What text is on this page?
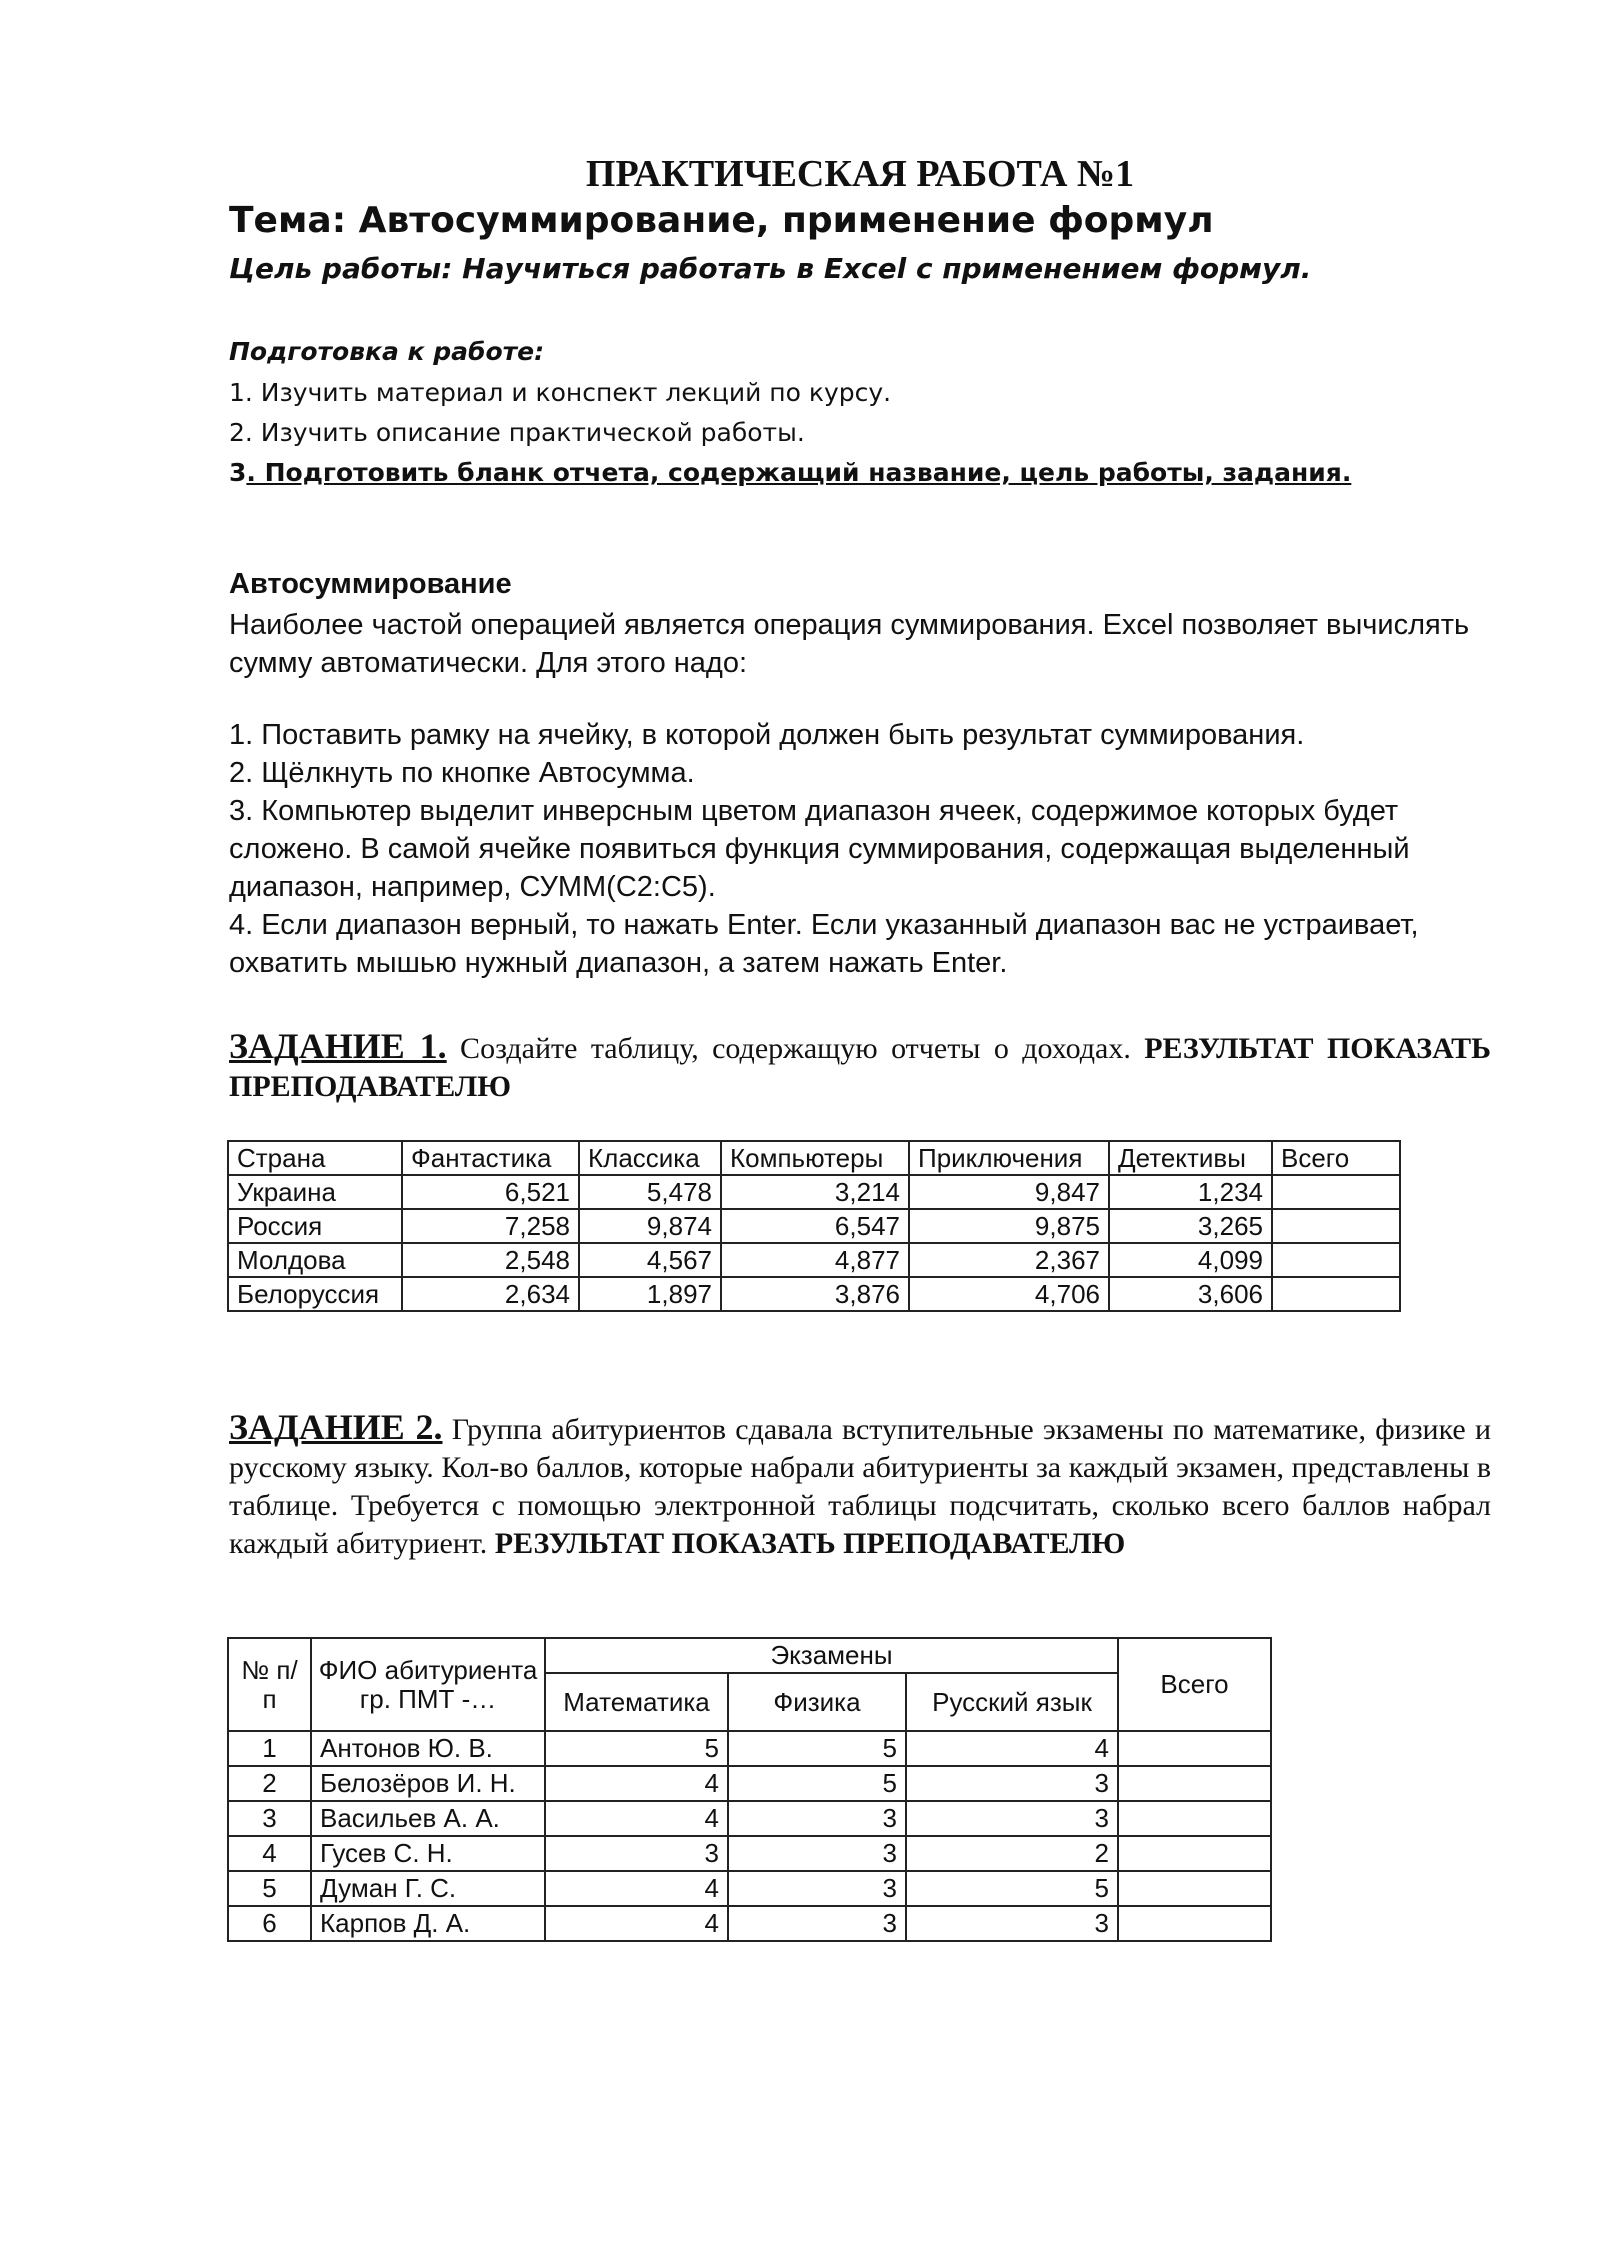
ПРАКТИЧЕСКАЯ РАБОТА №1
Тема: Автосуммирование, применение формул
Цель работы: Научиться работать в Excel с применением формул.
Подготовка к работе:
1. Изучить материал и конспект лекций по курсу.
2. Изучить описание практической работы.
3. Подготовить бланк отчета, содержащий название, цель работы, задания.
Автосуммирование
Наиболее частой операцией является операция суммирования. Excel позволяет вычислять сумму автоматически. Для этого надо:
1. Поставить рамку на ячейку, в которой должен быть результат суммирования.
2. Щёлкнуть по кнопке Автосумма.
3. Компьютер выделит инверсным цветом диапазон ячеек, содержимое которых будет сложено. В самой ячейке появиться функция суммирования, содержащая выделенный диапазон, например, СУММ(C2:C5).
4. Если диапазон верный, то нажать Enter. Если указанный диапазон вас не устраивает, охватить мышью нужный диапазон, а затем нажать Enter.
ЗАДАНИЕ 1. Создайте таблицу, содержащую отчеты о доходах. РЕЗУЛЬТАТ ПОКАЗАТЬ ПРЕПОДАВАТЕЛЮ
Страна	Фантастика	Классика	Компьютеры	Приключения	Детективы	Всего
Украина	6,521	5,478	3,214	9,847	1,234	
Россия	7,258	9,874	6,547	9,875	3,265	
Молдова	2,548	4,567	4,877	2,367	4,099	
Белоруссия	2,634	1,897	3,876	4,706	3,606	
ЗАДАНИЕ 2. Группа абитуриентов сдавала вступительные экзамены по математике, физике и русскому языку. Кол-во баллов, которые набрали абитуриенты за каждый экзамен, представлены в таблице. Требуется с помощью электронной таблицы подсчитать, сколько всего баллов набрал каждый абитуриент. РЕЗУЛЬТАТ ПОКАЗАТЬ ПРЕПОДАВАТЕЛЮ
№ п/п	ФИО абитуриента гр. ПМТ -…	Экзамены			Всего
		Математика	Физика	Русский язык	
1	Антонов Ю. В.	5	5	4	
2	Белозёров И. Н.	4	5	3	
3	Васильев А. А.	4	3	3	
4	Гусев С. Н.	3	3	2	
5	Думан Г. С.	4	3	5	
6	Карпов Д. А.	4	3	3	
